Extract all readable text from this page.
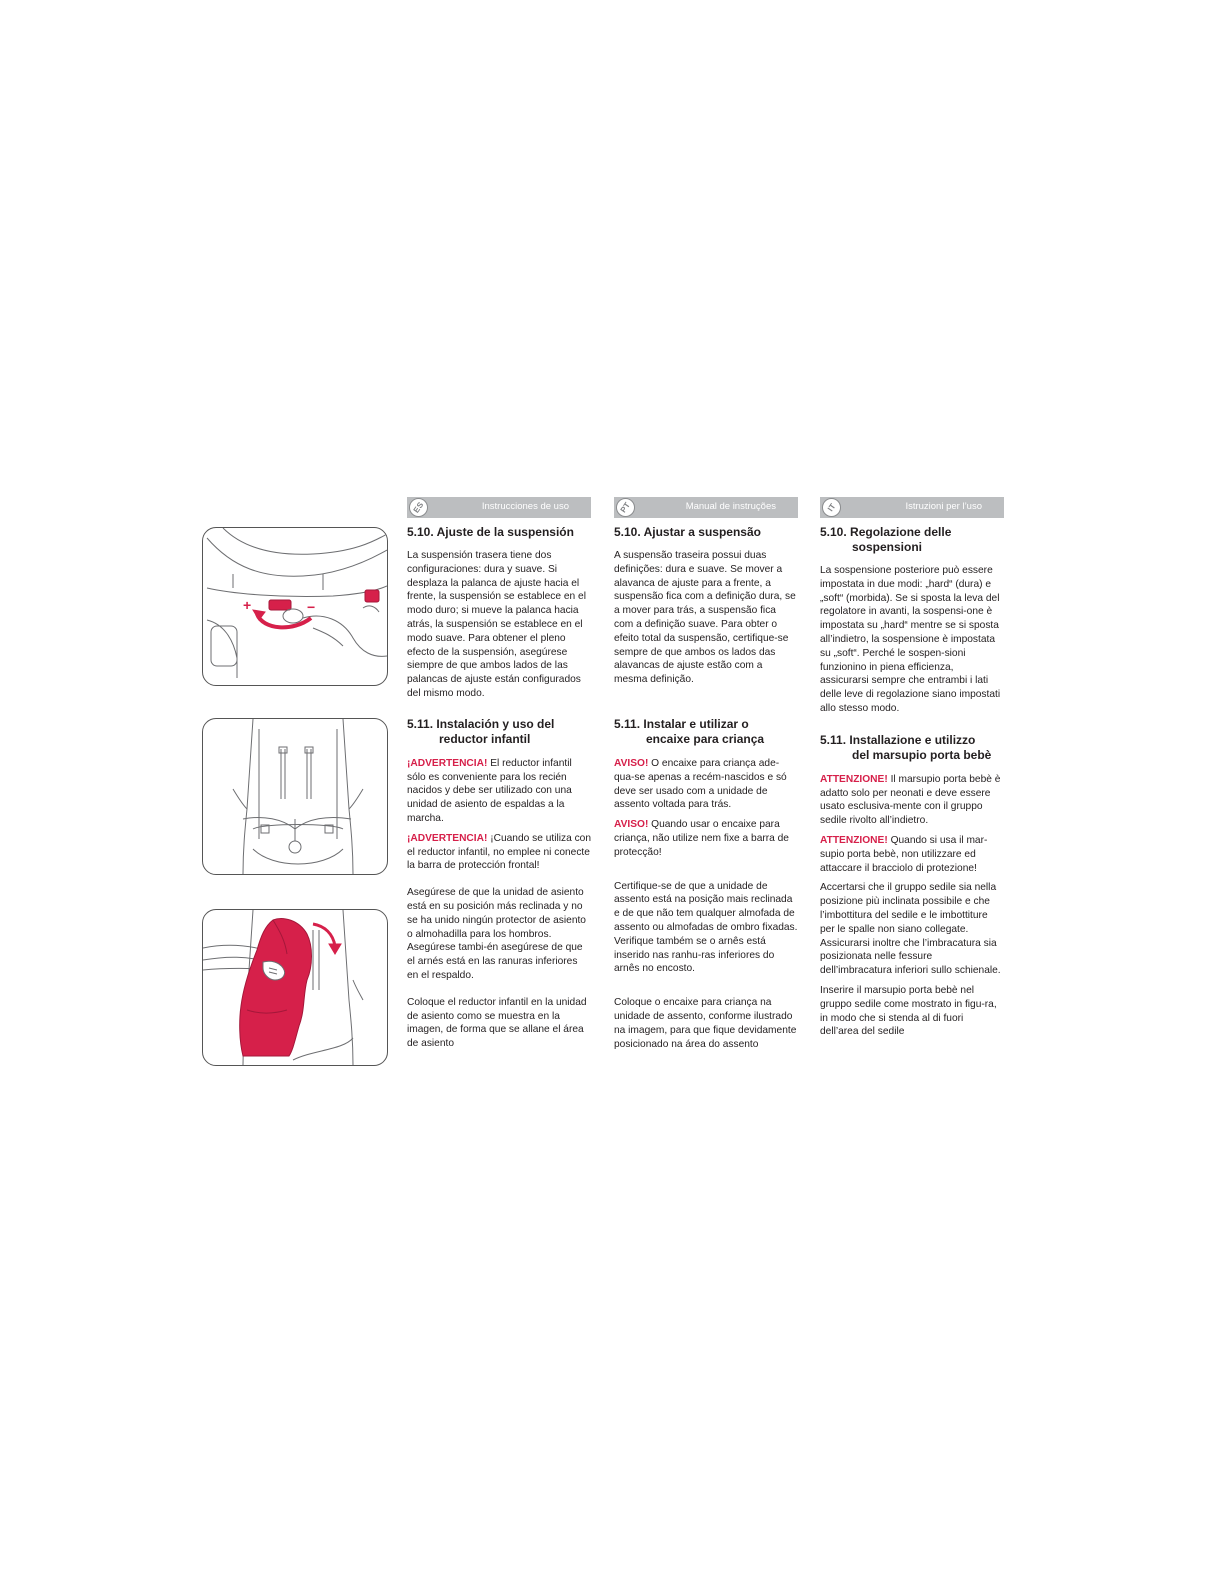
+	−
ES	Instrucciones de uso
5.10. Ajuste de la suspensión

La suspensión trasera tiene dos configuraciones: dura y suave. Si desplaza la palanca de ajuste hacia el frente, la suspensión se establece en el modo duro; si mueve la palanca hacia atrás, la suspensión se establece en el modo suave. Para obtener el pleno efecto de la suspensión, asegúrese siempre de que ambos lados de las palancas de ajuste están configurados del mismo modo.

5.11. Instalación y uso del
reductor infantil

¡ADVERTENCIA! El reductor infantil sólo es conveniente para los recién nacidos y debe ser utilizado con una unidad de asiento de espaldas a la marcha.

¡ADVERTENCIA! ¡Cuando se utiliza con el reductor infantil, no emplee ni conecte la barra de protección frontal!

Asegúrese de que la unidad de asiento está en su posición más reclinada y no se ha unido ningún protector de asiento o almohadilla para los hombros. Asegúrese tambi-én asegúrese de que el arnés está en las ranuras inferiores en el respaldo.

Coloque el reductor infantil en la unidad de asiento como se muestra en la imagen, de forma que se allane el área de asiento

PT	Manual de instruções
5.10. Ajustar a suspensão

A suspensão traseira possui duas definições: dura e suave. Se mover a alavanca de ajuste para a frente, a suspensão fica com a definição dura, se a mover para trás, a suspensão fica com a definição suave. Para obter o efeito total da suspensão, certifique-se sempre de que ambos os lados das alavancas de ajuste estão com a mesma definição.

5.11. Instalar e utilizar o
encaixe para criança

AVISO! O encaixe para criança ade-qua-se apenas a recém-nascidos e só deve ser usado com a unidade de assento voltada para trás.

AVISO! Quando usar o encaixe para criança, não utilize nem fixe a barra de protecção!

Certifique-se de que a unidade de assento está na posição mais reclinada e de que não tem qualquer almofada de assento ou almofadas de ombro fixadas. Verifique também se o arnês está inserido nas ranhu-ras inferiores do arnês no encosto.

Coloque o encaixe para criança na unidade de assento, conforme ilustrado na imagem, para que fique devidamente posicionado na área do assento

IT	Istruzioni per l’uso
5.10. Regolazione delle
sospensioni

La sospensione posteriore può essere impostata in due modi: „hard“ (dura) e „soft“ (morbida). Se si sposta la leva del regolatore in avanti, la sospensi-one è impostata su „hard“ mentre se si sposta all’indietro, la sospensione è impostata su „soft“. Perché le sospen-sioni funzionino in piena efficienza, assicurarsi sempre che entrambi i lati delle leve di regolazione siano impostati allo stesso modo.

5.11. Installazione e utilizzo
del marsupio porta bebè

ATTENZIONE! Il marsupio porta bebè è adatto solo per neonati e deve essere usato esclusiva-mente con il gruppo sedile rivolto all’indietro.

ATTENZIONE! Quando si usa il mar-supio porta bebè, non utilizzare ed attaccare il bracciolo di protezione!

Accertarsi che il gruppo sedile sia nella posizione più inclinata possibile e che l’imbottitura del sedile e le imbottiture per le spalle non siano collegate. Assicurarsi inoltre che l’imbracatura sia posizionata nelle fessure dell’imbracatura inferiori sullo schienale.

Inserire il marsupio porta bebè nel gruppo sedile come mostrato in figu-ra, in modo che si stenda al di fuori dell’area del sedile
